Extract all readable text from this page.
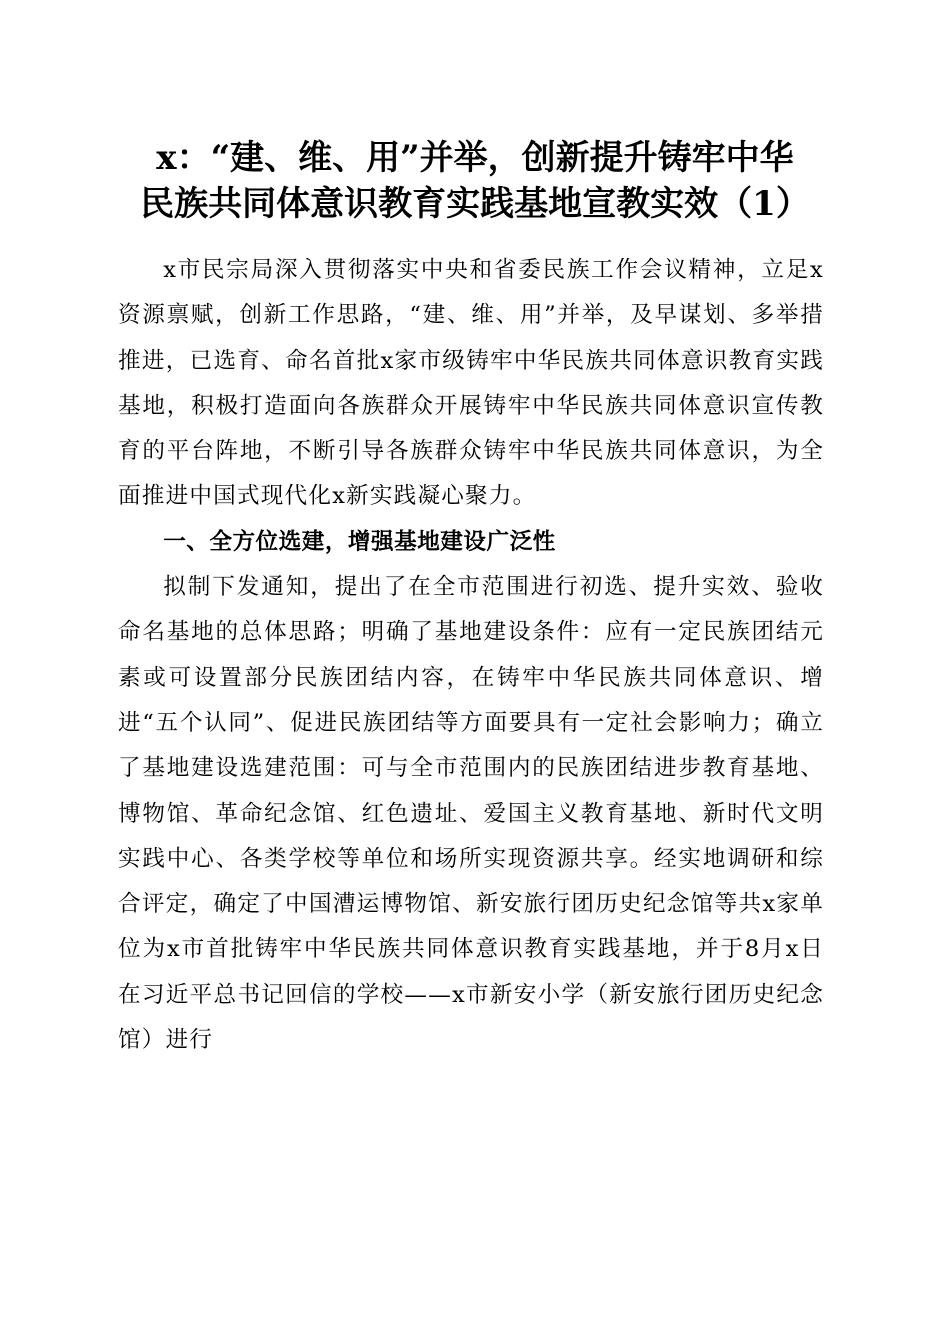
x：“建、维、用”并举，创新提升铸牢中华
民族共同体意识教育实践基地宣教实效（1）

x市民宗局深入贯彻落实中央和省委民族工作会议精神，立足x资源禀赋，创新工作思路，“建、维、用”并举，及早谋划、多举措推进，已选育、命名首批x家市级铸牢中华民族共同体意识教育实践基地，积极打造面向各族群众开展铸牢中华民族共同体意识宣传教育的平台阵地，不断引导各族群众铸牢中华民族共同体意识，为全面推进中国式现代化x新实践凝心聚力。

一、全方位选建，增强基地建设广泛性

拟制下发通知，提出了在全市范围进行初选、提升实效、验收命名基地的总体思路；明确了基地建设条件：应有一定民族团结元素或可设置部分民族团结内容，在铸牢中华民族共同体意识、增进“五个认同”、促进民族团结等方面要具有一定社会影响力；确立了基地建设选建范围：可与全市范围内的民族团结进步教育基地、博物馆、革命纪念馆、红色遗址、爱国主义教育基地、新时代文明实践中心、各类学校等单位和场所实现资源共享。经实地调研和综合评定，确定了中国漕运博物馆、新安旅行团历史纪念馆等共x家单位为x市首批铸牢中华民族共同体意识教育实践基地，并于8月x日在习近平总书记回信的学校——x市新安小学（新安旅行团历史纪念馆）进行
